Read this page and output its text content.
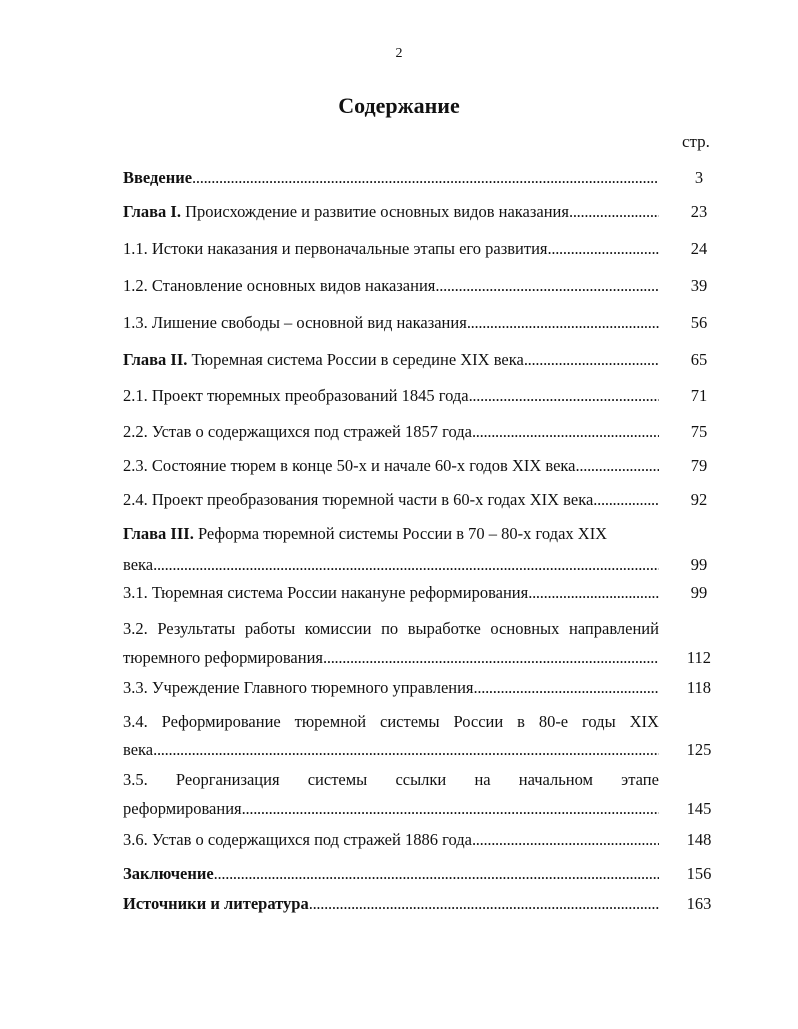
2
Содержание
стр.
Введение . . .	3
Глава I. Происхождение и развитие основных видов наказания . . .	23
1.1. Истоки наказания и первоначальные этапы его развития . . .	24
1.2. Становление основных видов наказания . . .	39
1.3. Лишение свободы – основной вид наказания . . .	56
Глава II. Тюремная система России в середине XIX века . . .	65
2.1. Проект тюремных преобразований 1845 года . . .	71
2.2. Устав о содержащихся под стражей 1857 года . . .	75
2.3. Состояние тюрем в конце 50-х и начале 60-х годов XIX века . . .	79
2.4. Проект преобразования тюремной части в 60-х годах XIX века . . .	92
Глава III. Реформа тюремной системы России в 70 – 80-х годах XIX
века . . .	99
3.1. Тюремная система России накануне реформирования . . .	99
3.2. Результаты работы комиссии по выработке основных направлений
тюремного реформирования . . .	112
3.3. Учреждение Главного тюремного управления . . .	118
3.4. Реформирование тюремной системы России в 80-е годы XIX
века . . .	125
3.5. Реорганизация системы ссылки на начальном этапе
реформирования . . .	145
3.6. Устав о содержащихся под стражей 1886 года . . .	148
Заключение . . .	156
Источники и литература . . .	163
